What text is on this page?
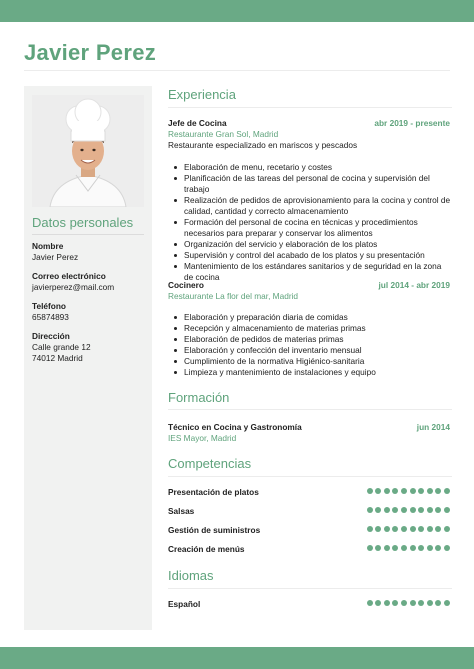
Javier Perez
Datos personales
Nombre
Javier Perez
Correo electrónico
javierperez@mail.com
Teléfono
65874893
Dirección
Calle grande 12
74012 Madrid
Experiencia
Jefe de Cocina	abr 2019 - presente
Restaurante Gran Sol, Madrid
Restaurante especializado en mariscos y pescados
Elaboración de menu, recetario y costes
Planificación de las tareas del personal de cocina y supervisión del trabajo
Realización de pedidos de aprovisionamiento para la cocina y control de calidad, cantidad y correcto almacenamiento
Formación del personal de cocina en técnicas y procedimientos necesarios para preparar y conservar los alimentos
Organización del servicio y elaboración de los platos
Supervisión y control del acabado de los platos y su presentación
Mantenimiento de los estándares sanitarios y de seguridad en la zona de cocina
Cocinero	jul 2014 - abr 2019
Restaurante La flor del mar, Madrid
Elaboración y preparación diaria de comidas
Recepción y almacenamiento de materias primas
Elaboración de pedidos de materias primas
Elaboración y confección del inventario mensual
Cumplimiento de la normativa Higiénico-sanitaria
Limpieza y mantenimiento de instalaciones y equipo
Formación
Técnico en Cocina y Gastronomía	jun 2014
IES Mayor, Madrid
Competencias
Presentación de platos
Salsas
Gestión de suministros
Creación de menús
Idiomas
Español
